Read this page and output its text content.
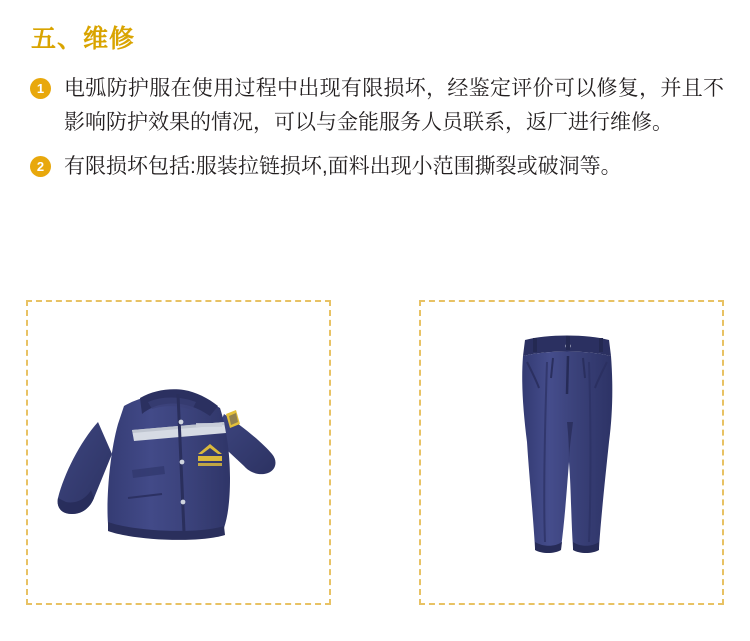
五、维修
1 电弧防护服在使用过程中出现有限损坏，经鉴定评价可以修复，并且不影响防护效果的情况，可以与金能服务人员联系，返厂进行维修。
2 有限损坏包括:服装拉链损坏,面料出现小范围撕裂或破洞等。
